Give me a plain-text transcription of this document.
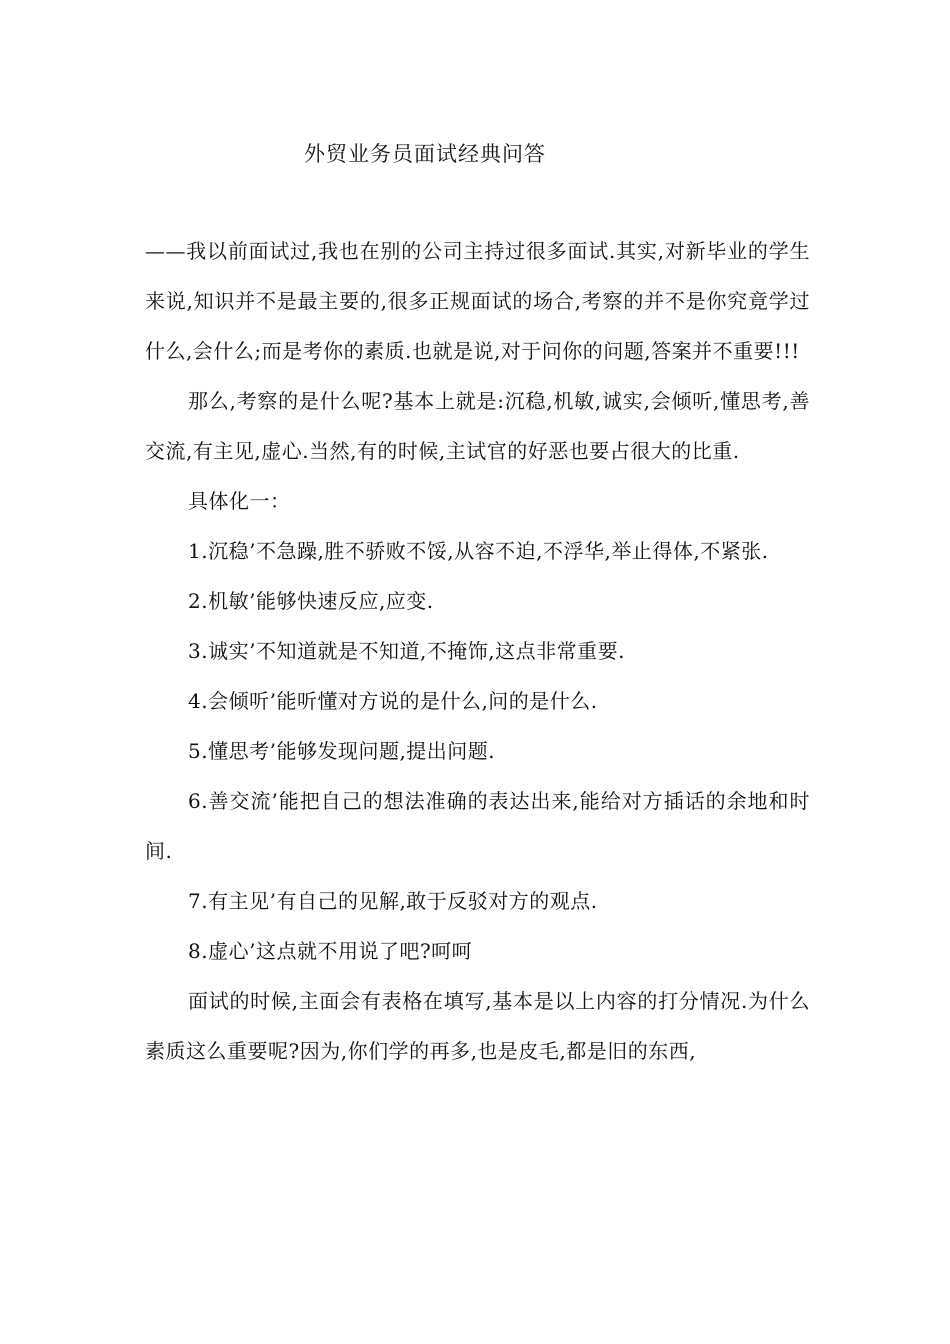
外贸业务员面试经典问答

——我以前面试过,我也在别的公司主持过很多面试.其实,对新毕业的学生来说,知识并不是最主要的,很多正规面试的场合,考察的并不是你究竟学过什么,会什么;而是考你的素质.也就是说,对于问你的问题,答案并不重要!!!

那么,考察的是什么呢?基本上就是:沉稳,机敏,诚实,会倾听,懂思考,善交流,有主见,虚心.当然,有的时候,主试官的好恶也要占很大的比重.

具体化一：

1.沉稳’不急躁,胜不骄败不馁,从容不迫,不浮华,举止得体,不紧张.

2.机敏’能够快速反应,应变.

3.诚实’不知道就是不知道,不掩饰,这点非常重要.

4.会倾听’能听懂对方说的是什么,问的是什么.

5.懂思考’能够发现问题,提出问题.

6.善交流’能把自己的想法准确的表达出来,能给对方插话的余地和时间.

7.有主见’有自己的见解,敢于反驳对方的观点.

8.虚心’这点就不用说了吧?呵呵

面试的时候,主面会有表格在填写,基本是以上内容的打分情况.为什么素质这么重要呢?因为,你们学的再多,也是皮毛,都是旧的东西,
